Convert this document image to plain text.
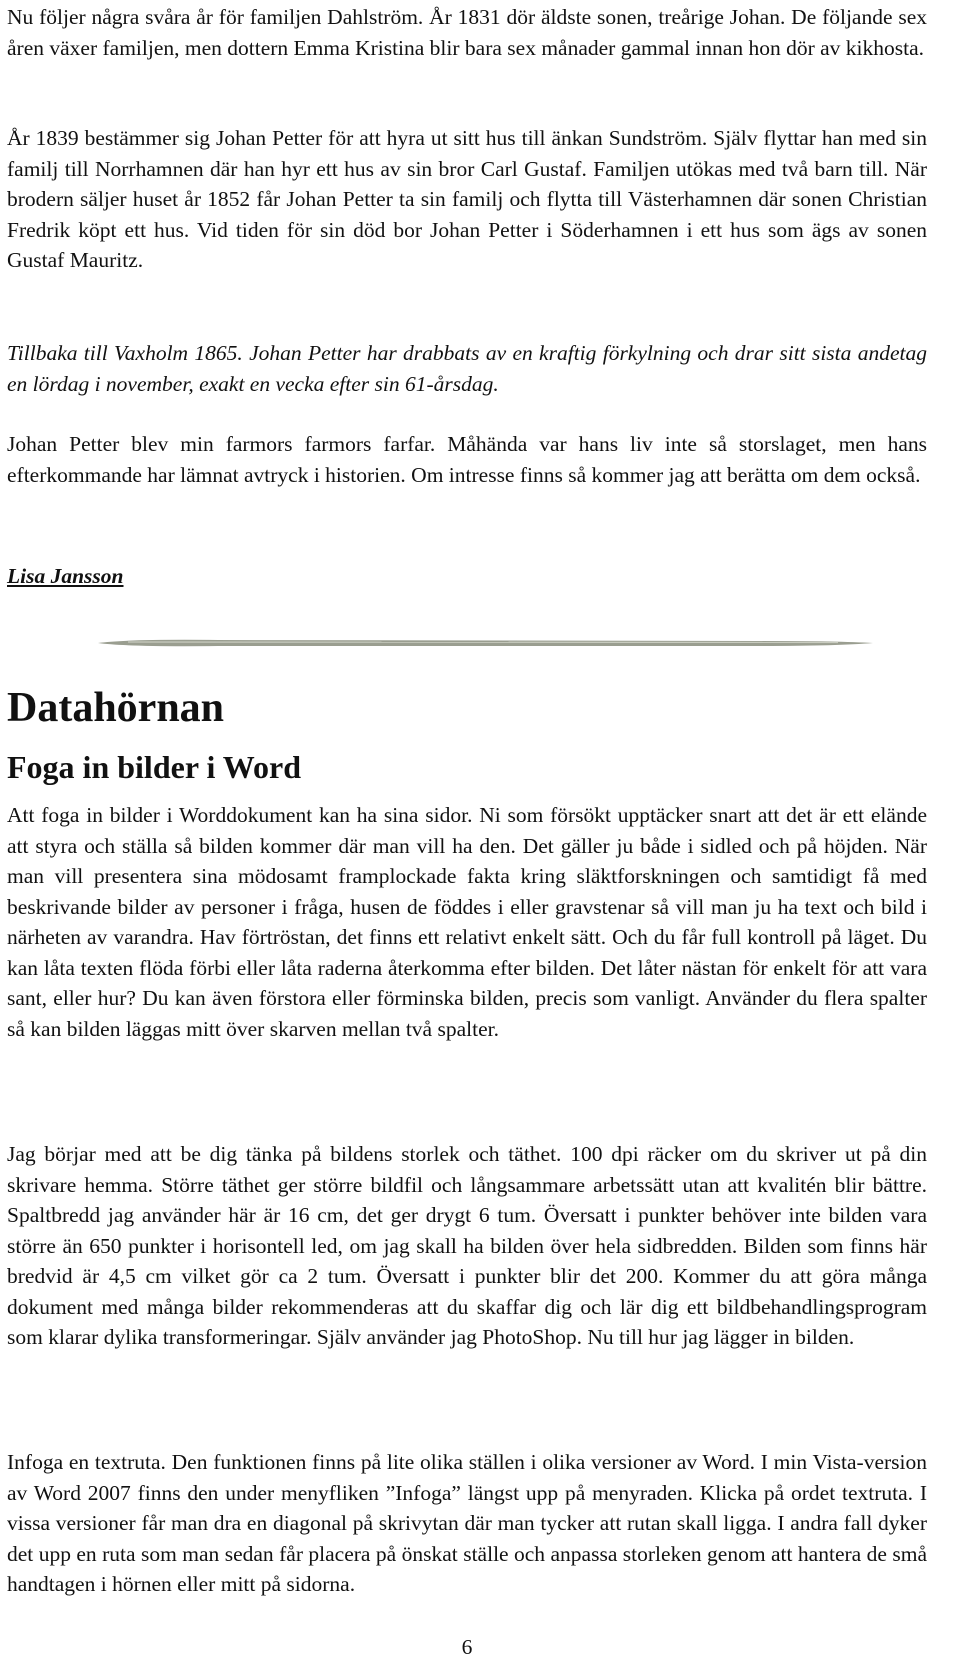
Nu följer några svåra år för familjen Dahlström. År 1831 dör äldste sonen, treårige Johan. De följande sex åren växer familjen, men dottern Emma Kristina blir bara sex månader gammal innan hon dör av kikhosta.

År 1839 bestämmer sig Johan Petter för att hyra ut sitt hus till änkan Sundström. Själv flyttar han med sin familj till Norrhamnen där han hyr ett hus av sin bror Carl Gustaf. Familjen utökas med två barn till. När brodern säljer huset år 1852 får Johan Petter ta sin familj och flytta till Västerhamnen där sonen Christian Fredrik köpt ett hus. Vid tiden för sin död bor Johan Petter i Söderhamnen i ett hus som ägs av sonen Gustaf Mauritz.

Tillbaka till Vaxholm 1865. Johan Petter har drabbats av en kraftig förkylning och drar sitt sista andetag en lördag i november, exakt en vecka efter sin 61-årsdag.

Johan Petter blev min farmors farmors farfar. Måhända var hans liv inte så storslaget, men hans efterkommande har lämnat avtryck i historien. Om intresse finns så kommer jag att berätta om dem också.

Lisa Jansson
Datahörnan
Foga in bilder i Word

Att foga in bilder i Worddokument kan ha sina sidor. Ni som försökt upptäcker snart att det är ett elände att styra och ställa så bilden kommer där man vill ha den. Det gäller ju både i sidled och på höjden. När man vill presentera sina mödosamt framplockade fakta kring släktforskningen och samtidigt få med beskrivande bilder av personer i fråga, husen de föddes i eller gravstenar så vill man ju ha text och bild i närheten av varandra. Hav förtröstan, det finns ett relativt enkelt sätt. Och du får full kontroll på läget. Du kan låta texten flöda förbi eller låta raderna återkomma efter bilden. Det låter nästan för enkelt för att vara sant, eller hur? Du kan även förstora eller förminska bilden, precis som vanligt. Använder du flera spalter så kan bilden läggas mitt över skarven mellan två spalter.

Jag börjar med att be dig tänka på bildens storlek och täthet. 100 dpi räcker om du skriver ut på din skrivare hemma. Större täthet ger större bildfil och långsammare arbetssätt utan att kvalitén blir bättre. Spaltbredd jag använder här är 16 cm, det ger drygt 6 tum. Översatt i punkter behöver inte bilden vara större än 650 punkter i horisontell led, om jag skall ha bilden över hela sidbredden. Bilden som finns här bredvid är 4,5 cm vilket gör ca 2 tum. Översatt i punkter blir det 200. Kommer du att göra många dokument med många bilder rekommenderas att du skaffar dig och lär dig ett bildbehandlingsprogram som klarar dylika transformeringar. Själv använder jag PhotoShop. Nu till hur jag lägger in bilden.

Infoga en textruta. Den funktionen finns på lite olika ställen i olika versioner av Word. I min Vista-version av Word 2007 finns den under menyfliken ”Infoga” längst upp på menyraden. Klicka på ordet textruta. I vissa versioner får man dra en diagonal på skrivytan där man tycker att rutan skall ligga. I andra fall dyker det upp en ruta som man sedan får placera på önskat ställe och anpassa storleken genom att hantera de små handtagen i hörnen eller mitt på sidorna.

6
